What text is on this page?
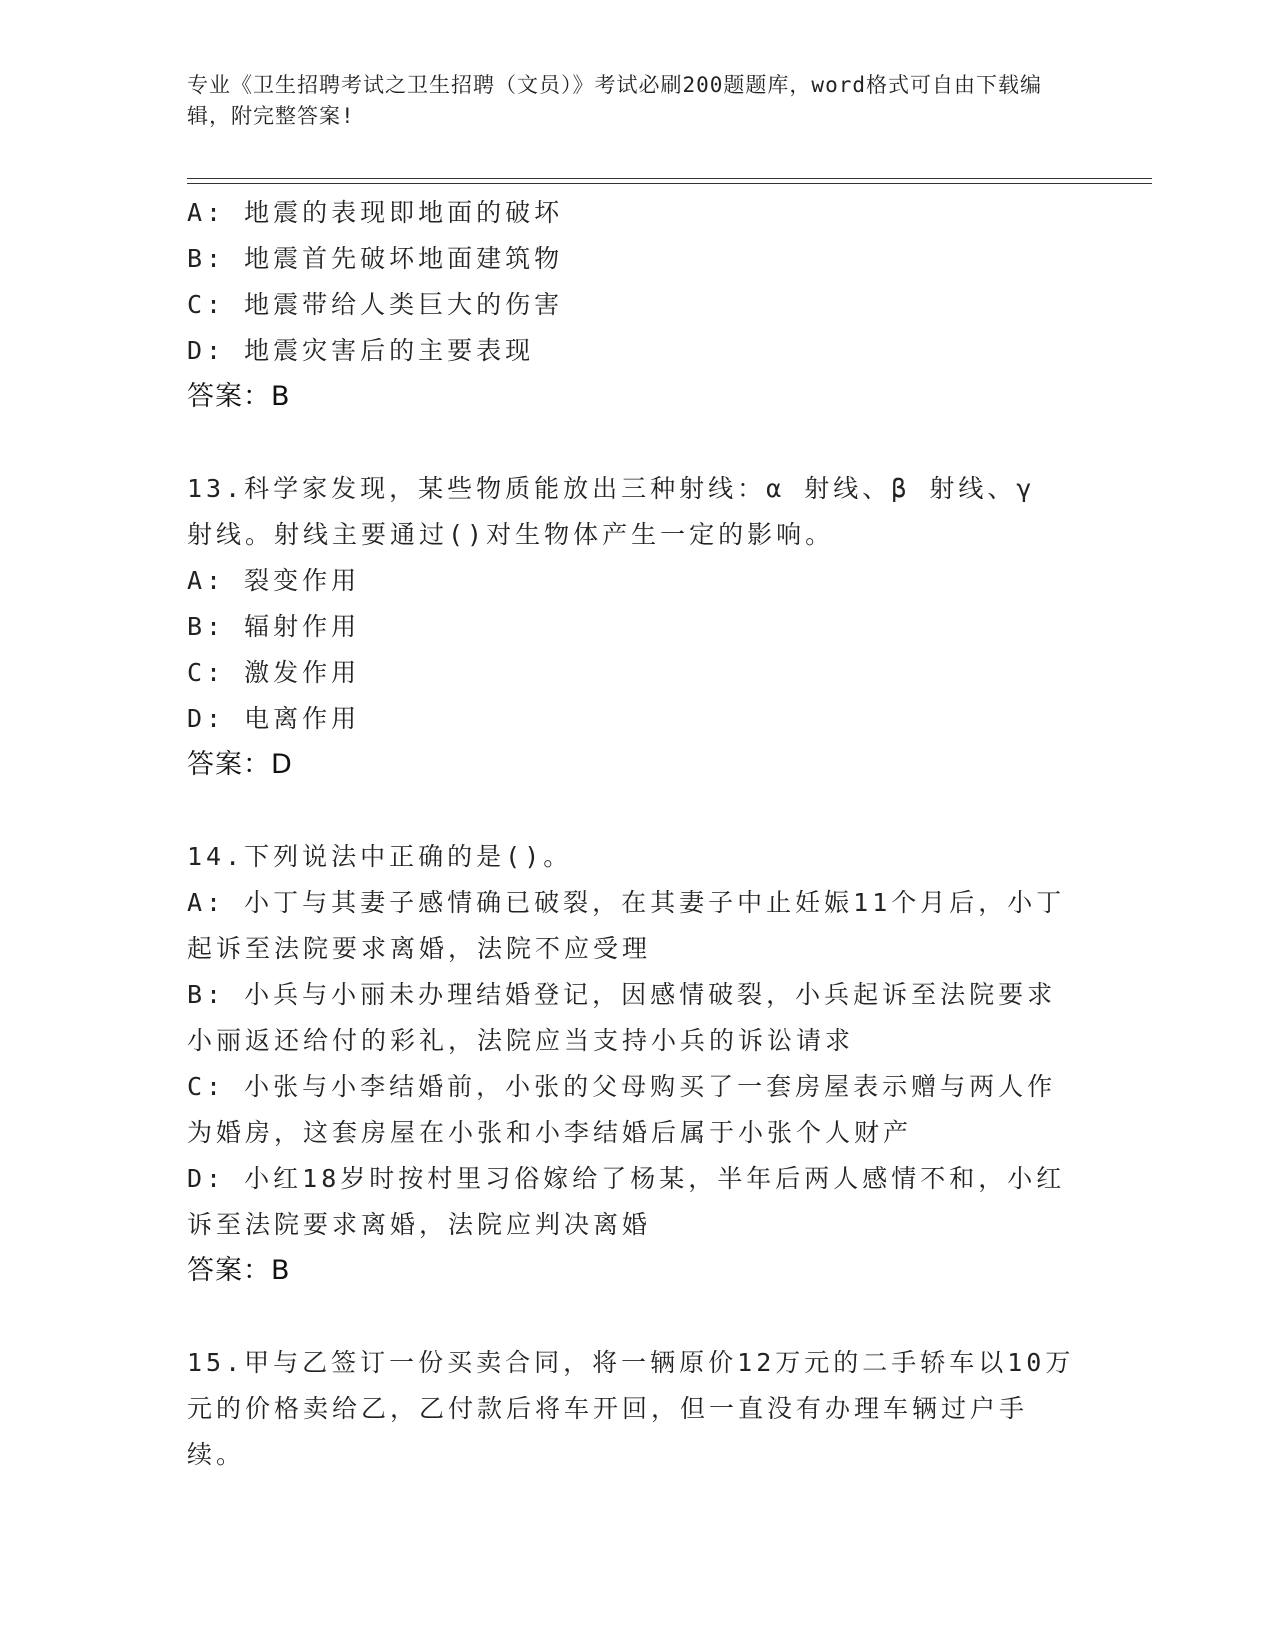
专业《卫生招聘考试之卫生招聘（文员）》考试必刷200题题库，word格式可自由下载编辑，附完整答案!
A: 地震的表现即地面的破坏
B: 地震首先破坏地面建筑物
C: 地震带给人类巨大的伤害
D: 地震灾害后的主要表现
答案：B
13.科学家发现，某些物质能放出三种射线：α 射线、β 射线、γ 射线。射线主要通过()对生物体产生一定的影响。
A: 裂变作用
B: 辐射作用
C: 激发作用
D: 电离作用
答案：D
14.下列说法中正确的是()。
A: 小丁与其妻子感情确已破裂，在其妻子中止妊娠11个月后，小丁起诉至法院要求离婚，法院不应受理
B: 小兵与小丽未办理结婚登记，因感情破裂，小兵起诉至法院要求小丽返还给付的彩礼，法院应当支持小兵的诉讼请求
C: 小张与小李结婚前，小张的父母购买了一套房屋表示赠与两人作为婚房，这套房屋在小张和小李结婚后属于小张个人财产
D: 小红18岁时按村里习俗嫁给了杨某，半年后两人感情不和，小红诉至法院要求离婚，法院应判决离婚
答案：B
15.甲与乙签订一份买卖合同，将一辆原价12万元的二手轿车以10万元的价格卖给乙，乙付款后将车开回，但一直没有办理车辆过户手续。
